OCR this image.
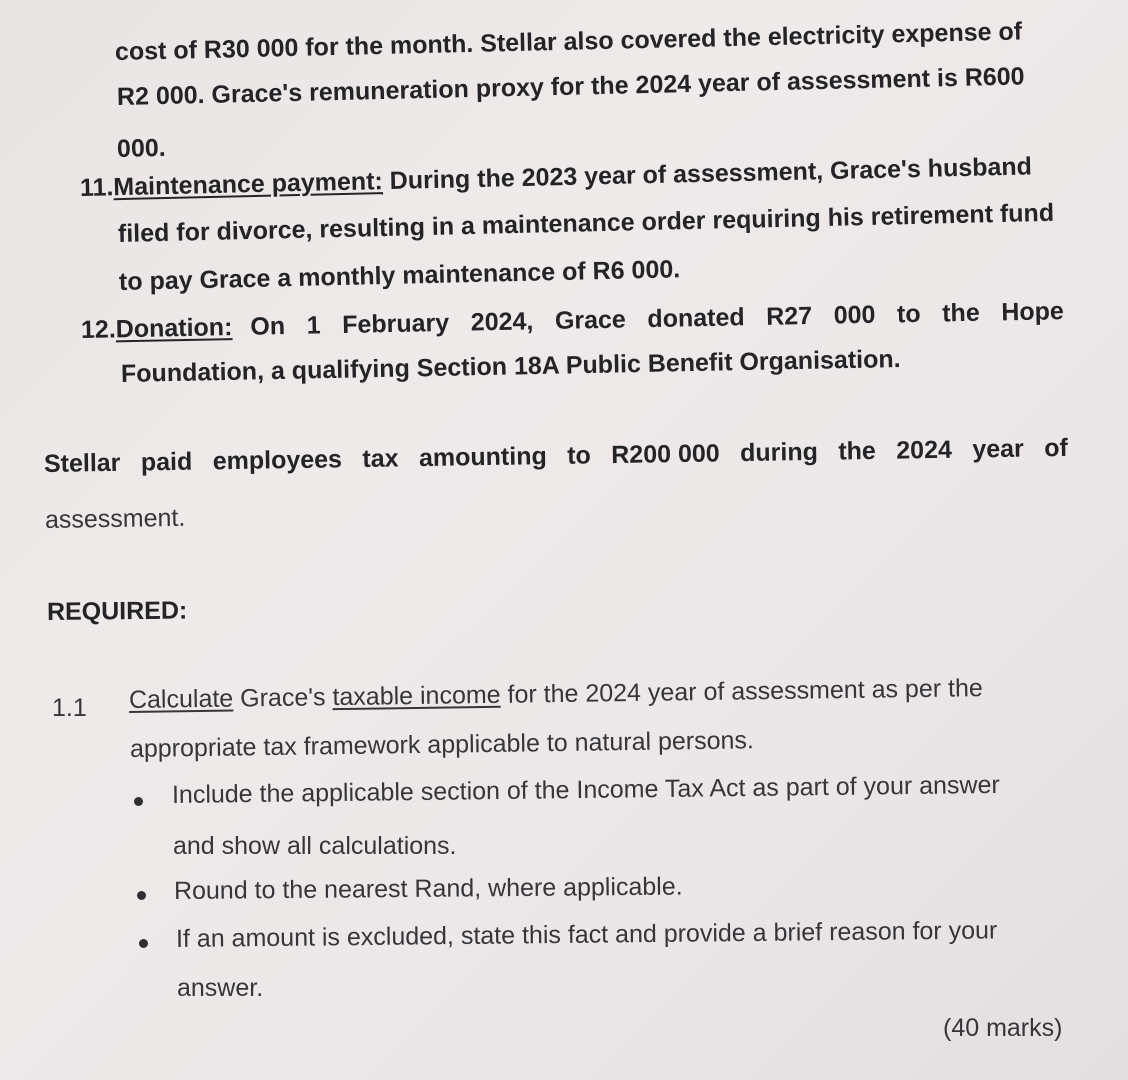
cost of R30 000 for the month. Stellar also covered the electricity expense of
R2 000. Grace's remuneration proxy for the 2024 year of assessment is R600
000.
11.Maintenance payment: During the 2023 year of assessment, Grace's husband
filed for divorce, resulting in a maintenance order requiring his retirement fund
to pay Grace a monthly maintenance of R6 000.
12. Donation: On 1 February 2024, Grace donated R27 000 to the Hope
Foundation, a qualifying Section 18A Public Benefit Organisation.
Stellar paid employees tax amounting to R200 000 during the 2024 year of
assessment.
REQUIRED:
1.1 Calculate Grace's taxable income for the 2024 year of assessment as per the
appropriate tax framework applicable to natural persons.
Include the applicable section of the Income Tax Act as part of your answer
and show all calculations.
Round to the nearest Rand, where applicable.
If an amount is excluded, state this fact and provide a brief reason for your
answer.
(40 marks)
